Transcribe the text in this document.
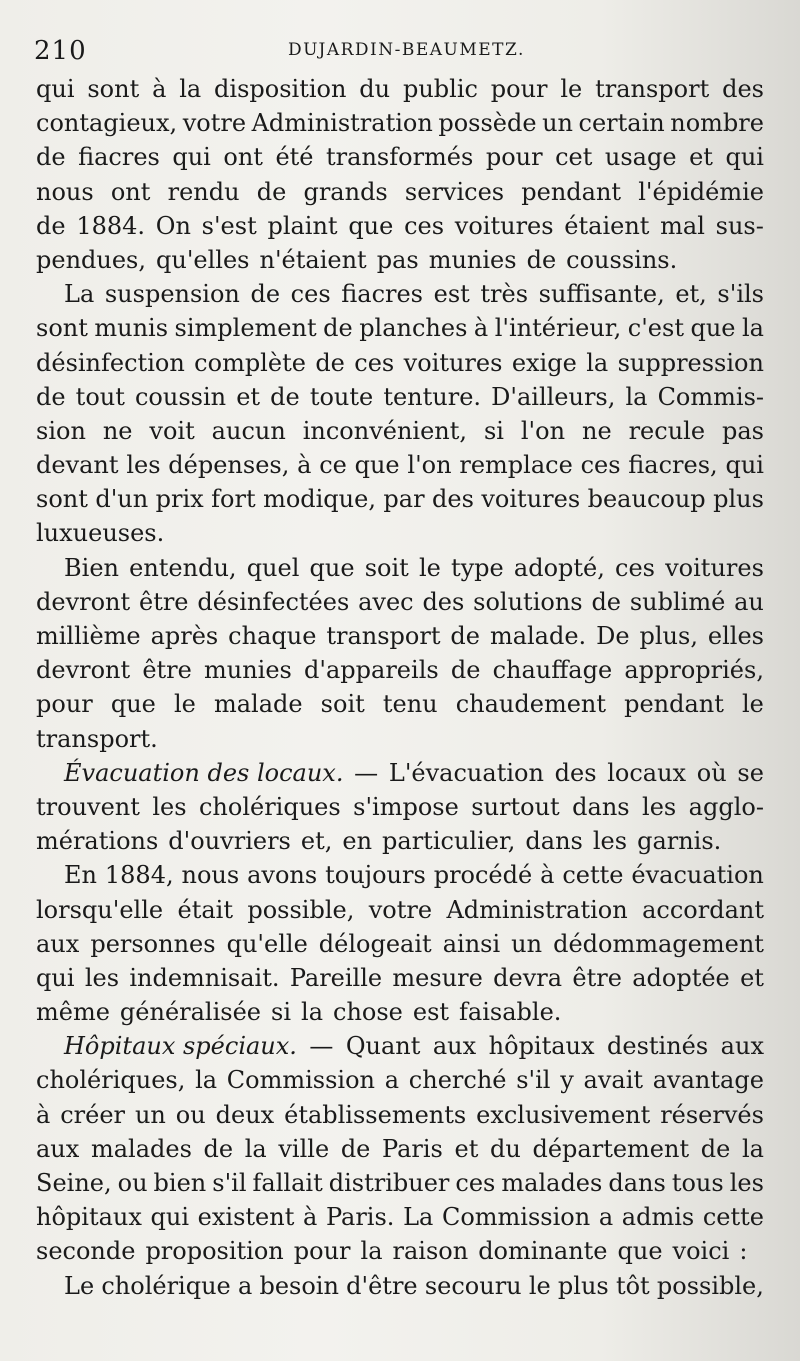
210	DUJARDIN-BEAUMETZ.
qui sont à la disposition du public pour le transport des
contagieux, votre Administration possède un certain nombre
de fiacres qui ont été transformés pour cet usage et qui
nous ont rendu de grands services pendant l'épidémie
de 1884. On s'est plaint que ces voitures étaient mal sus-
pendues, qu'elles n'étaient pas munies de coussins.
La suspension de ces fiacres est très suffisante, et, s'ils
sont munis simplement de planches à l'intérieur, c'est que la
désinfection complète de ces voitures exige la suppression
de tout coussin et de toute tenture. D'ailleurs, la Commis-
sion ne voit aucun inconvénient, si l'on ne recule pas
devant les dépenses, à ce que l'on remplace ces fiacres, qui
sont d'un prix fort modique, par des voitures beaucoup plus
luxueuses.
Bien entendu, quel que soit le type adopté, ces voitures
devront être désinfectées avec des solutions de sublimé au
millième après chaque transport de malade. De plus, elles
devront être munies d'appareils de chauffage appropriés,
pour que le malade soit tenu chaudement pendant le
transport.
Évacuation des locaux. — L'évacuation des locaux où se
trouvent les cholériques s'impose surtout dans les agglo-
mérations d'ouvriers et, en particulier, dans les garnis.
En 1884, nous avons toujours procédé à cette évacuation
lorsqu'elle était possible, votre Administration accordant
aux personnes qu'elle délogeait ainsi un dédommagement
qui les indemnisait. Pareille mesure devra être adoptée et
même généralisée si la chose est faisable.
Hôpitaux spéciaux. — Quant aux hôpitaux destinés aux
cholériques, la Commission a cherché s'il y avait avantage
à créer un ou deux établissements exclusivement réservés
aux malades de la ville de Paris et du département de la
Seine, ou bien s'il fallait distribuer ces malades dans tous les
hôpitaux qui existent à Paris. La Commission a admis cette
seconde proposition pour la raison dominante que voici :
Le cholérique a besoin d'être secouru le plus tôt possible,
